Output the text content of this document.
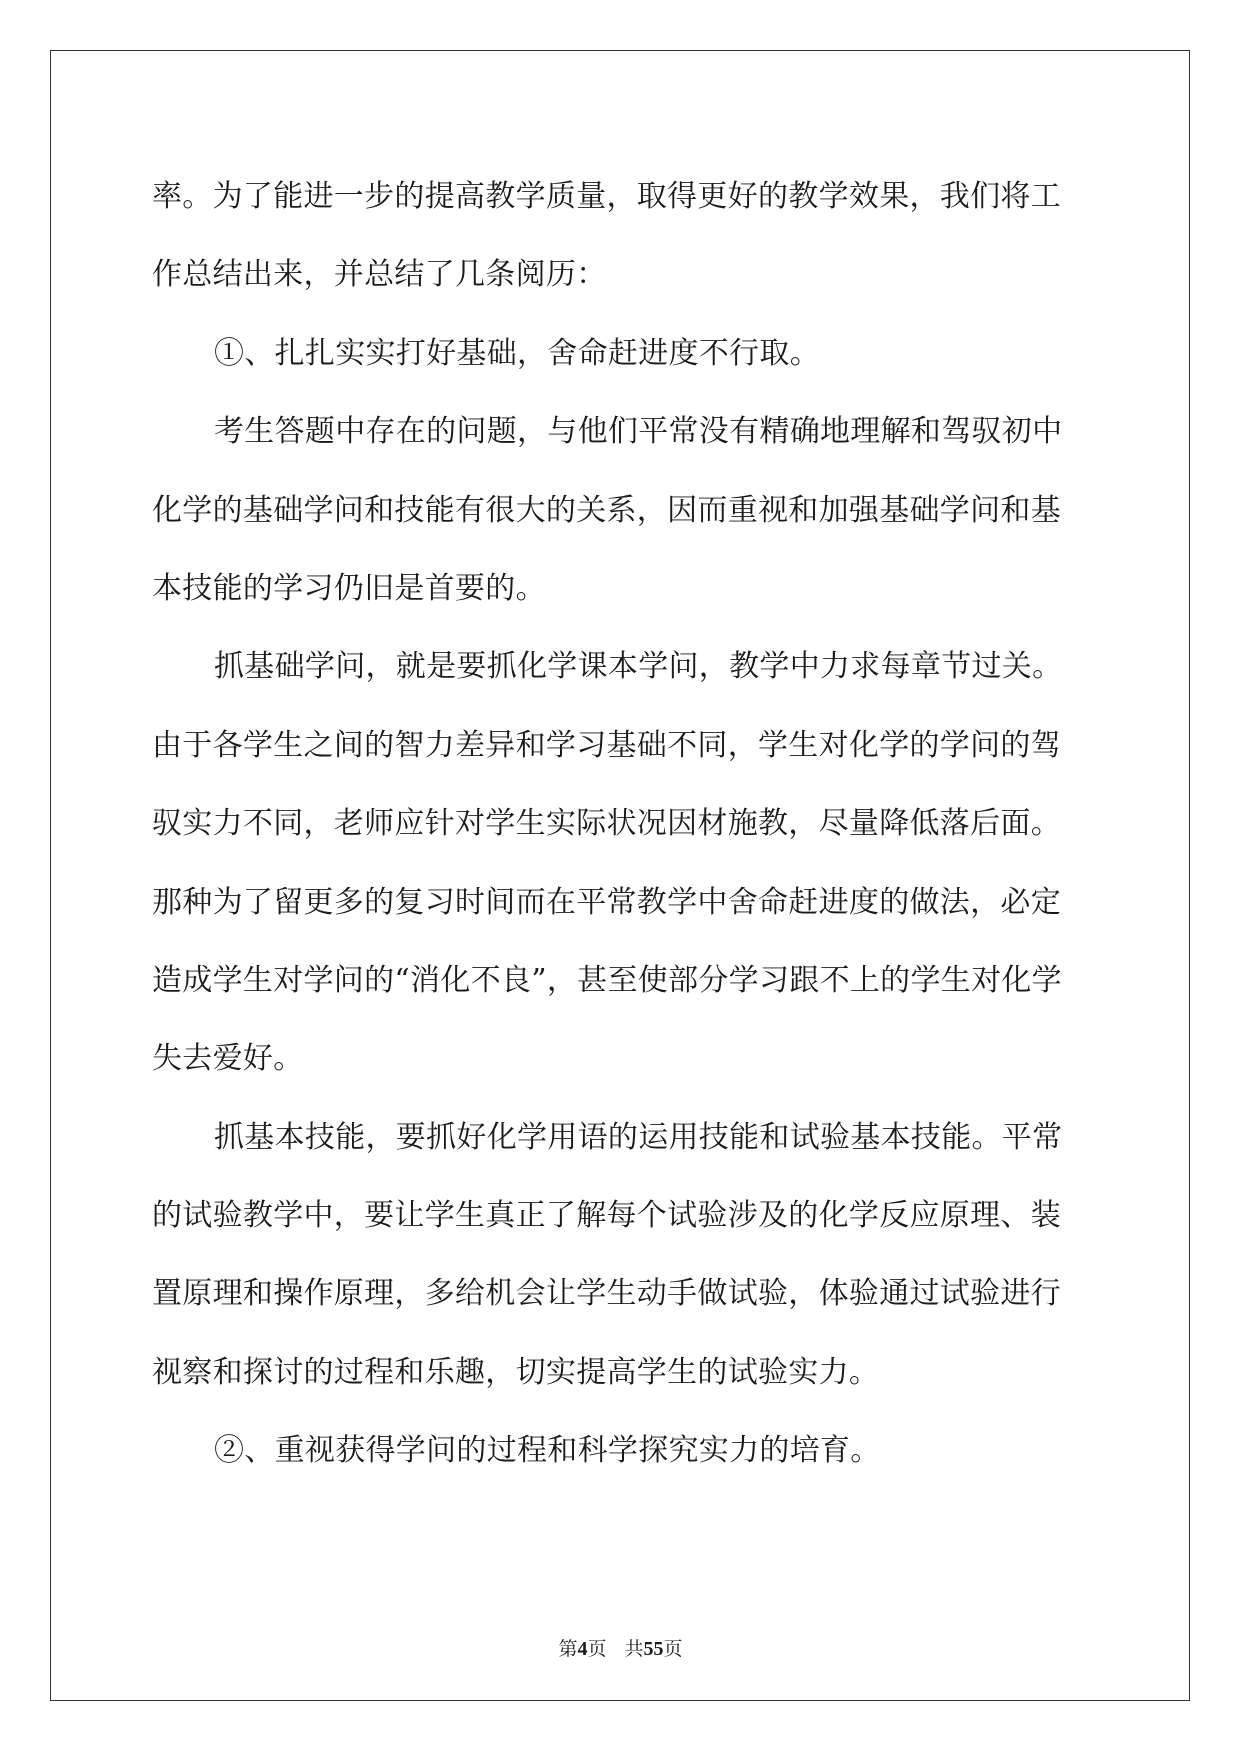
率。为了能进一步的提高教学质量，取得更好的教学效果，我们将工
作总结出来，并总结了几条阅历：
①、扎扎实实打好基础，舍命赶进度不行取。
考生答题中存在的问题，与他们平常没有精确地理解和驾驭初中
化学的基础学问和技能有很大的关系，因而重视和加强基础学问和基
本技能的学习仍旧是首要的。
抓基础学问，就是要抓化学课本学问，教学中力求每章节过关。
由于各学生之间的智力差异和学习基础不同，学生对化学的学问的驾
驭实力不同，老师应针对学生实际状况因材施教，尽量降低落后面。
那种为了留更多的复习时间而在平常教学中舍命赶进度的做法，必定
造成学生对学问的“消化不良”，甚至使部分学习跟不上的学生对化学
失去爱好。
抓基本技能，要抓好化学用语的运用技能和试验基本技能。平常
的试验教学中，要让学生真正了解每个试验涉及的化学反应原理、装
置原理和操作原理，多给机会让学生动手做试验，体验通过试验进行
视察和探讨的过程和乐趣，切实提高学生的试验实力。
②、重视获得学问的过程和科学探究实力的培育。
第4页 共55页
